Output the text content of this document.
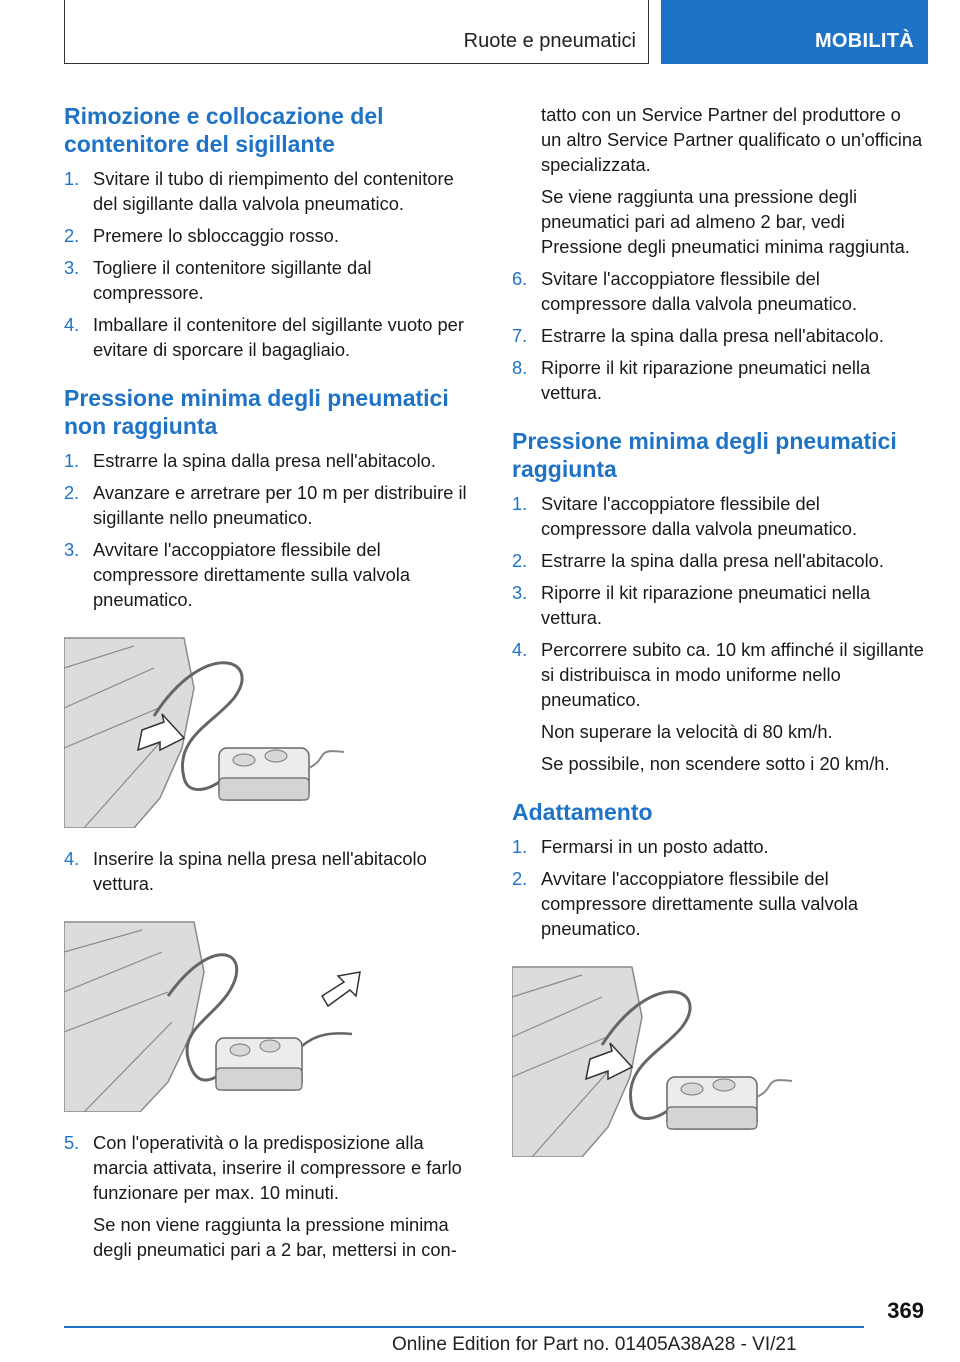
Ruote e pneumatici	MOBILITÀ
Rimozione e collocazione del contenitore del sigillante
1. Svitare il tubo di riempimento del contenitore del sigillante dalla valvola pneumatico.

2. Premere lo sbloccaggio rosso.

3. Togliere il contenitore sigillante dal compressore.

4. Imballare il contenitore del sigillante vuoto per evitare di sporcare il bagagliaio.

Pressione minima degli pneumatici non raggiunta
1. Estrarre la spina dalla presa nell'abitacolo.

2. Avanzare e arretrare per 10 m per distribuire il sigillante nello pneumatico.

3. Avvitare l'accoppiatore flessibile del compressore direttamente sulla valvola pneumatico.

4. Inserire la spina nella presa nell'abitacolo vettura.

5. Con l'operatività o la predisposizione alla marcia attivata, inserire il compressore e farlo funzionare per max. 10 minuti.

Se non viene raggiunta la pressione minima degli pneumatici pari a 2 bar, mettersi in con-

tatto con un Service Partner del produttore o un altro Service Partner qualificato o un'officina specializzata.

Se viene raggiunta una pressione degli pneumatici pari ad almeno 2 bar, vedi Pressione degli pneumatici minima raggiunta.

6. Svitare l'accoppiatore flessibile del compressore dalla valvola pneumatico.

7. Estrarre la spina dalla presa nell'abitacolo.

8. Riporre il kit riparazione pneumatici nella vettura.

Pressione minima degli pneumatici raggiunta
1. Svitare l'accoppiatore flessibile del compressore dalla valvola pneumatico.

2. Estrarre la spina dalla presa nell'abitacolo.

3. Riporre il kit riparazione pneumatici nella vettura.

4. Percorrere subito ca. 10 km affinché il sigillante si distribuisca in modo uniforme nello pneumatico.

Non superare la velocità di 80 km/h.

Se possibile, non scendere sotto i 20 km/h.

Adattamento
1. Fermarsi in un posto adatto.

2. Avvitare l'accoppiatore flessibile del compressore direttamente sulla valvola pneumatico.

369
Online Edition for Part no. 01405A38A28 - VI/21
